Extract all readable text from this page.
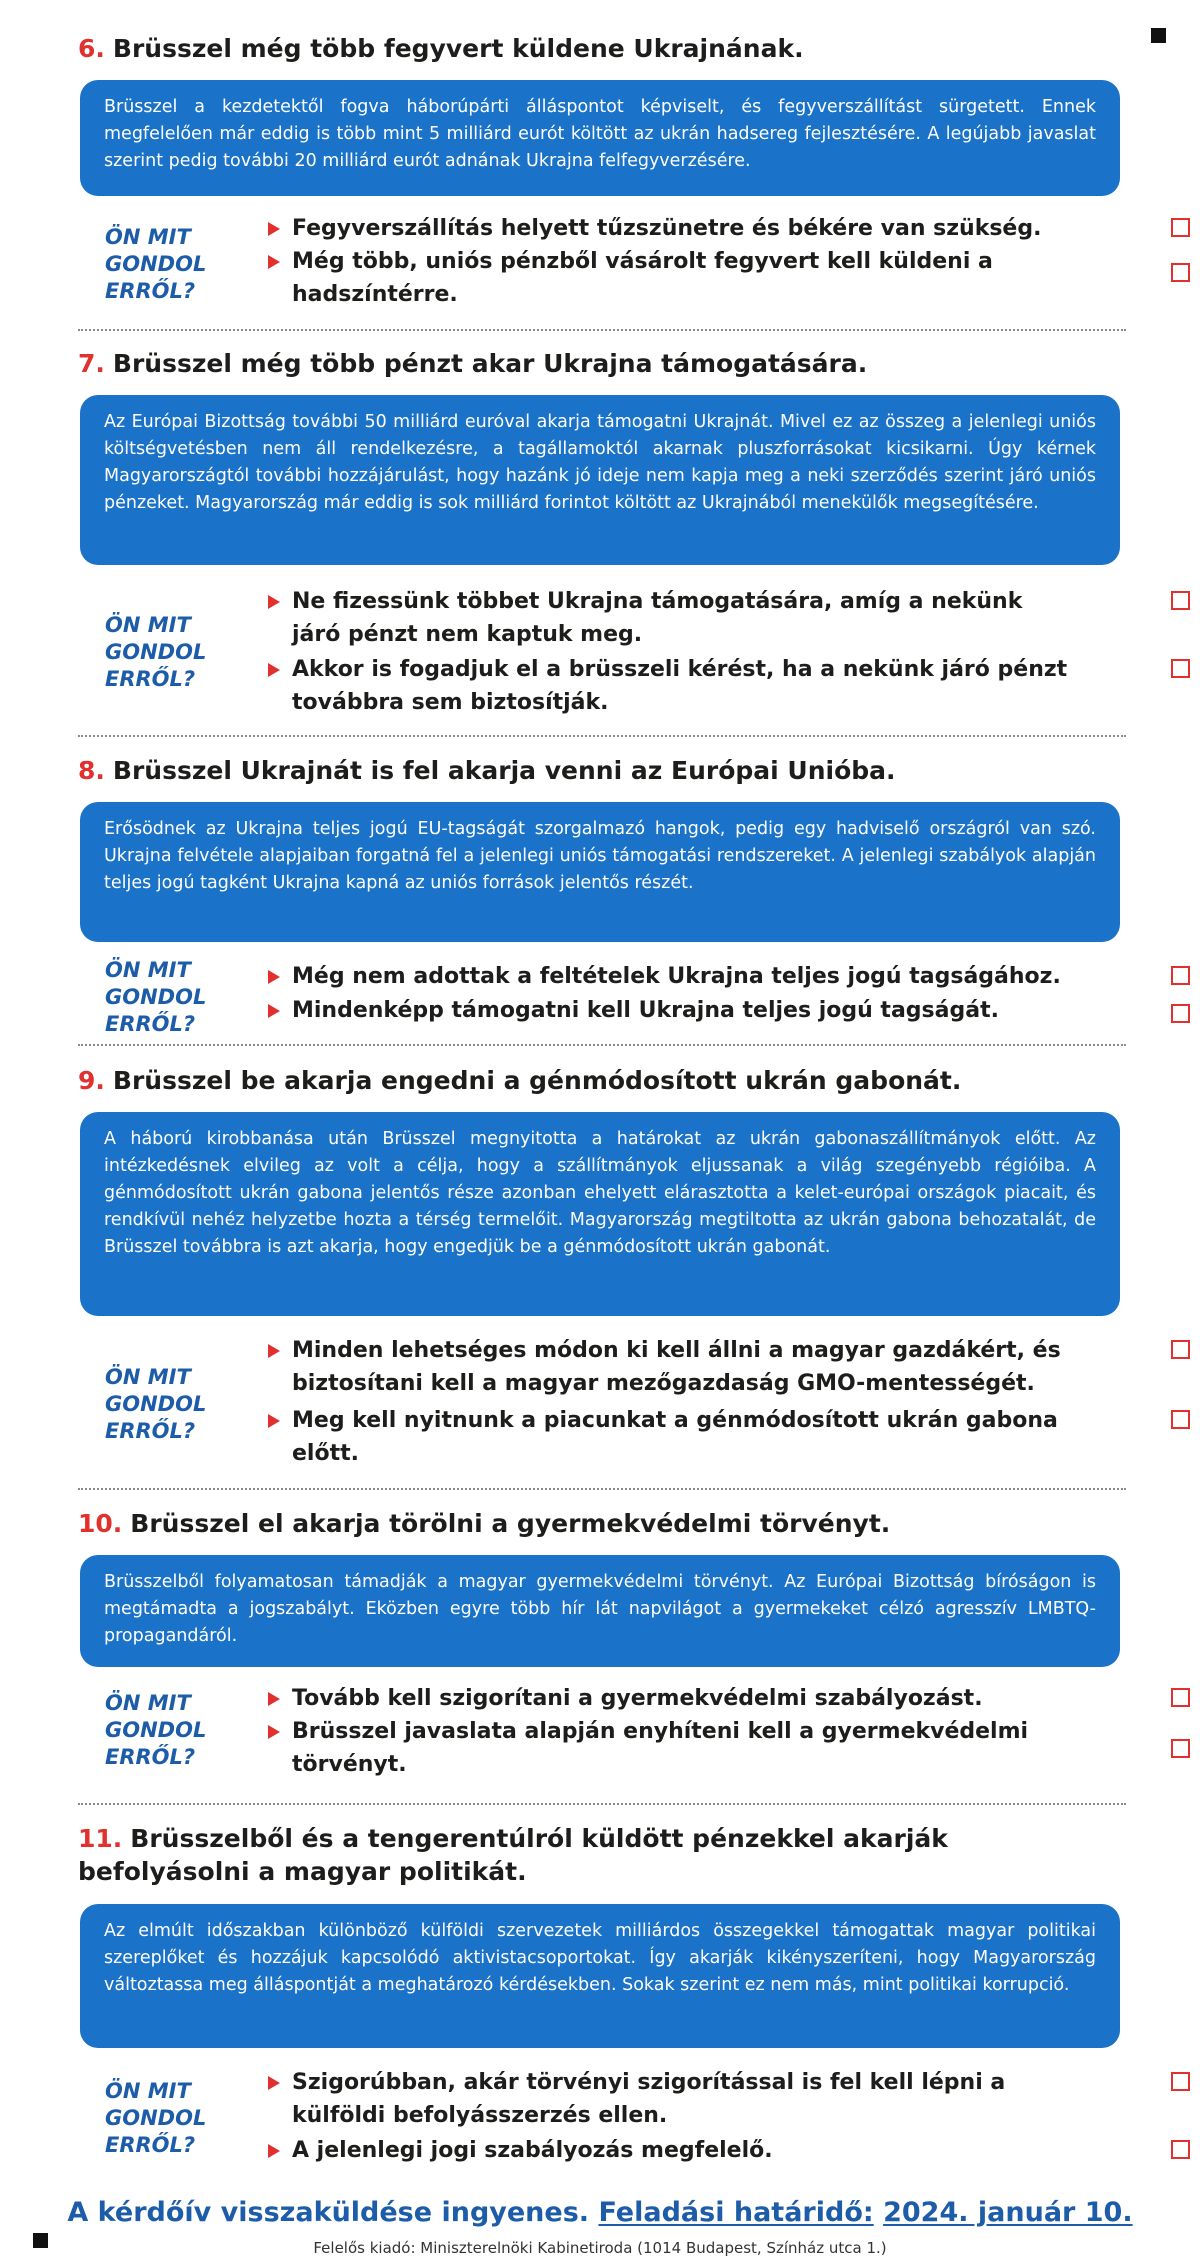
6. Brüsszel még több fegyvert küldene Ukrajnának.
Brüsszel a kezdetektől fogva háborúpárti álláspontot képviselt, és fegyverszállítást sürgetett. Ennek megfelelően már eddig is több mint 5 milliárd eurót költött az ukrán hadsereg fejlesztésére. A legújabb javaslat szerint pedig további 20 milliárd eurót adnának Ukrajna felfegyverzésére.
ÖN MIT
GONDOL
ERRŐL?
Fegyverszállítás helyett tűzszünetre és békére van szükség.
Még több, uniós pénzből vásárolt fegyvert kell küldeni a hadszíntérre.
7. Brüsszel még több pénzt akar Ukrajna támogatására.
Az Európai Bizottság további 50 milliárd euróval akarja támogatni Ukrajnát. Mivel ez az összeg a jelenlegi uniós költségvetésben nem áll rendelkezésre, a tagállamoktól akarnak pluszforrásokat kicsikarni. Úgy kérnek Magyarországtól további hozzájárulást, hogy hazánk jó ideje nem kapja meg a neki szerződés szerint járó uniós pénzeket. Magyarország már eddig is sok milliárd forintot költött az Ukrajnából menekülők megsegítésére.
ÖN MIT
GONDOL
ERRŐL?
Ne fizessünk többet Ukrajna támogatására, amíg a nekünk járó pénzt nem kaptuk meg.
Akkor is fogadjuk el a brüsszeli kérést, ha a nekünk járó pénzt továbbra sem biztosítják.
8. Brüsszel Ukrajnát is fel akarja venni az Európai Unióba.
Erősödnek az Ukrajna teljes jogú EU-tagságát szorgalmazó hangok, pedig egy hadviselő országról van szó. Ukrajna felvétele alapjaiban forgatná fel a jelenlegi uniós támogatási rendszereket. A jelenlegi szabályok alapján teljes jogú tagként Ukrajna kapná az uniós források jelentős részét.
ÖN MIT
GONDOL
ERRŐL?
Még nem adottak a feltételek Ukrajna teljes jogú tagságához.
Mindenképp támogatni kell Ukrajna teljes jogú tagságát.
9. Brüsszel be akarja engedni a génmódosított ukrán gabonát.
A háború kirobbanása után Brüsszel megnyitotta a határokat az ukrán gabonaszállítmányok előtt. Az intézkedésnek elvileg az volt a célja, hogy a szállítmányok eljussanak a világ szegényebb régióiba. A génmódosított ukrán gabona jelentős része azonban ehelyett elárasztotta a kelet-európai országok piacait, és rendkívül nehéz helyzetbe hozta a térség termelőit. Magyarország megtiltotta az ukrán gabona behozatalát, de Brüsszel továbbra is azt akarja, hogy engedjük be a génmódosított ukrán gabonát.
ÖN MIT
GONDOL
ERRŐL?
Minden lehetséges módon ki kell állni a magyar gazdákért, és biztosítani kell a magyar mezőgazdaság GMO-mentességét.
Meg kell nyitnunk a piacunkat a génmódosított ukrán gabona előtt.
10. Brüsszel el akarja törölni a gyermekvédelmi törvényt.
Brüsszelből folyamatosan támadják a magyar gyermekvédelmi törvényt. Az Európai Bizottság bíróságon is megtámadta a jogszabályt. Eközben egyre több hír lát napvilágot a gyermekeket célzó agresszív LMBTQ-propagandáról.
ÖN MIT
GONDOL
ERRŐL?
Tovább kell szigorítani a gyermekvédelmi szabályozást.
Brüsszel javaslata alapján enyhíteni kell a gyermekvédelmi törvényt.
11. Brüsszelből és a tengerentúlról küldött pénzekkel akarják befolyásolni a magyar politikát.
Az elmúlt időszakban különböző külföldi szervezetek milliárdos összegekkel támogattak magyar politikai szereplőket és hozzájuk kapcsolódó aktivistacsoportokat. Így akarják kikényszeríteni, hogy Magyarország változtassa meg álláspontját a meghatározó kérdésekben. Sokak szerint ez nem más, mint politikai korrupció.
ÖN MIT
GONDOL
ERRŐL?
Szigorúbban, akár törvényi szigorítással is fel kell lépni a külföldi befolyásszerzés ellen.
A jelenlegi jogi szabályozás megfelelő.
A kérdőív visszaküldése ingyenes. Feladási határidő: 2024. január 10.
Felelős kiadó: Miniszterelnöki Kabinetiroda (1014 Budapest, Színház utca 1.)
